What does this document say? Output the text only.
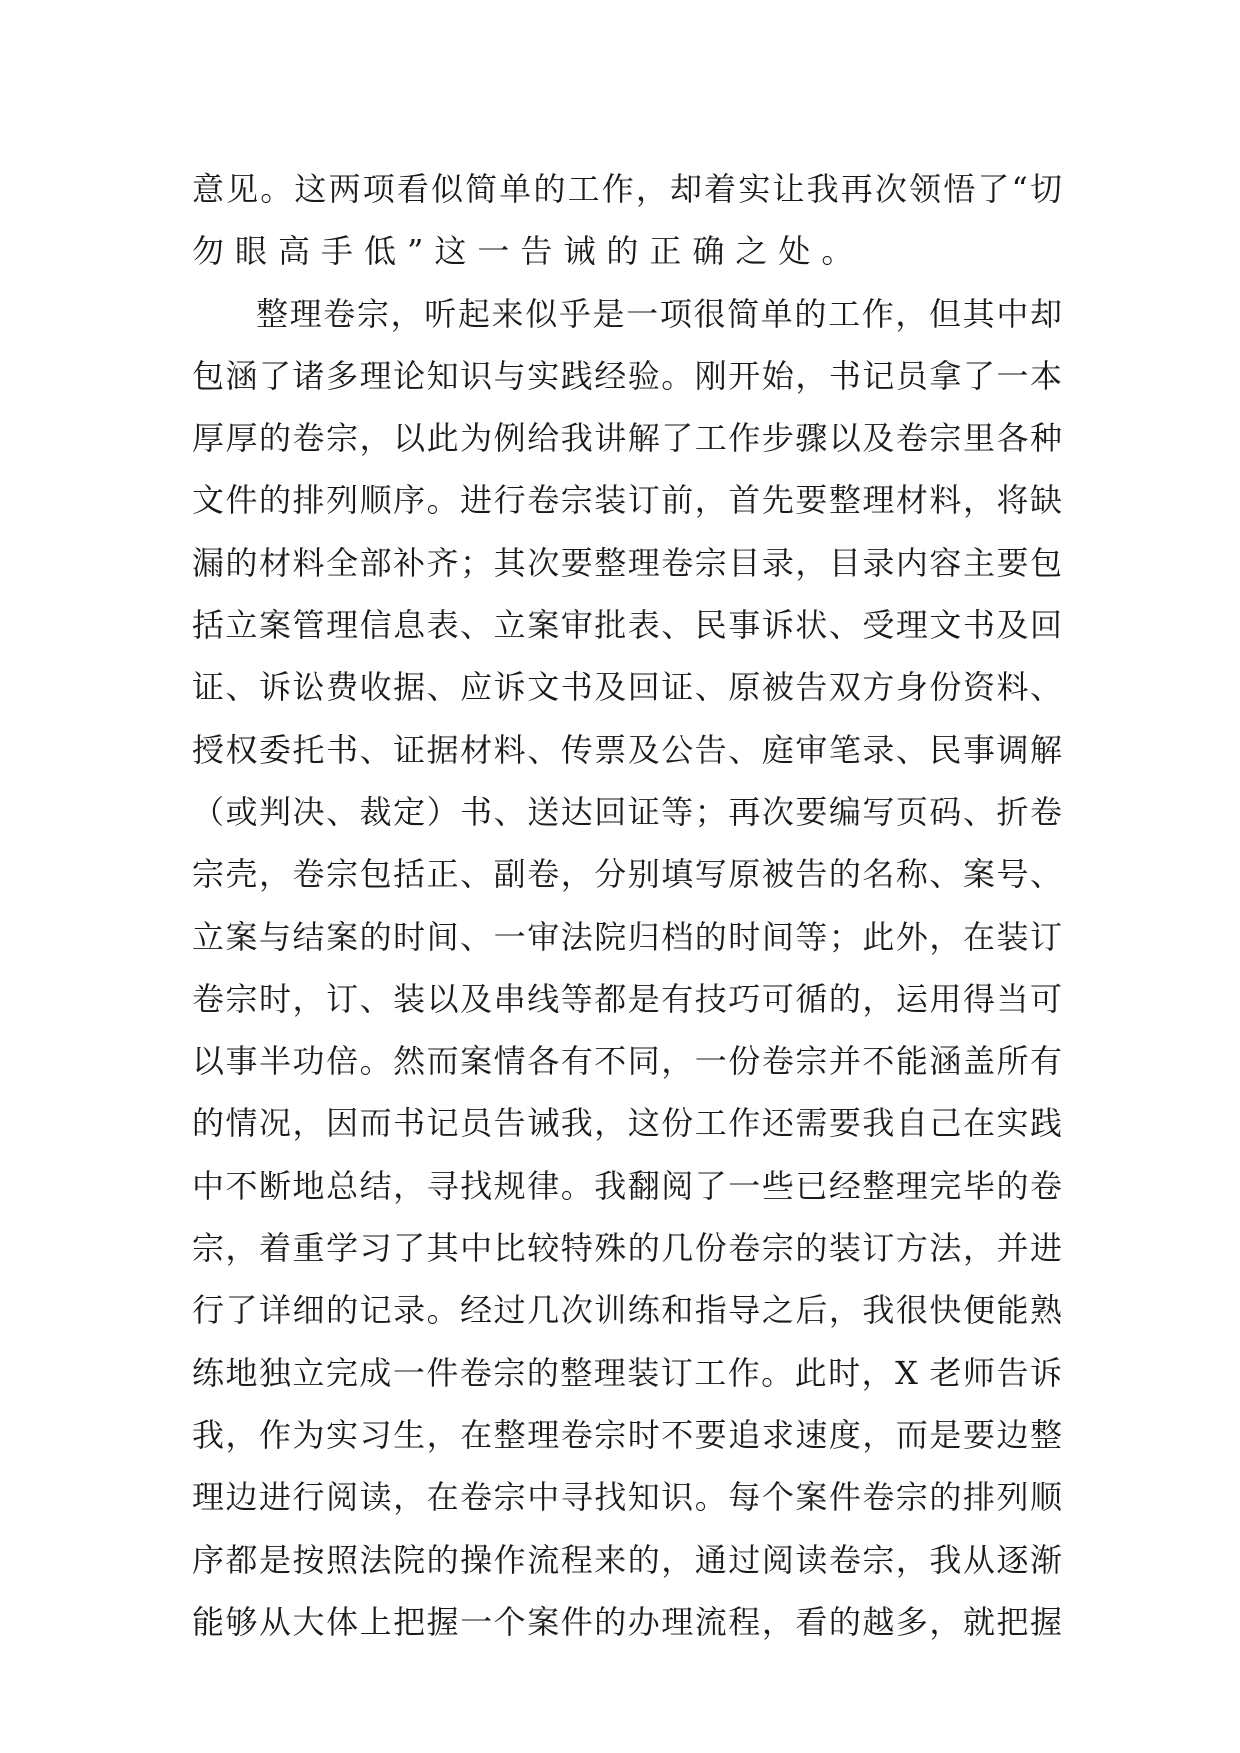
意见。这两项看似简单的工作，却着实让我再次领悟了“切
勿眼高手低”这一告诫的正确之处。
整理卷宗，听起来似乎是一项很简单的工作，但其中却
包涵了诸多理论知识与实践经验。刚开始，书记员拿了一本
厚厚的卷宗，以此为例给我讲解了工作步骤以及卷宗里各种
文件的排列顺序。进行卷宗装订前，首先要整理材料，将缺
漏的材料全部补齐；其次要整理卷宗目录，目录内容主要包
括立案管理信息表、立案审批表、民事诉状、受理文书及回
证、诉讼费收据、应诉文书及回证、原被告双方身份资料、
授权委托书、证据材料、传票及公告、庭审笔录、民事调解
（或判决、裁定）书、送达回证等；再次要编写页码、折卷
宗壳，卷宗包括正、副卷，分别填写原被告的名称、案号、
立案与结案的时间、一审法院归档的时间等；此外，在装订
卷宗时，订、装以及串线等都是有技巧可循的，运用得当可
以事半功倍。然而案情各有不同，一份卷宗并不能涵盖所有
的情况，因而书记员告诫我，这份工作还需要我自己在实践
中不断地总结，寻找规律。我翻阅了一些已经整理完毕的卷
宗，着重学习了其中比较特殊的几份卷宗的装订方法，并进
行了详细的记录。经过几次训练和指导之后，我很快便能熟
练地独立完成一件卷宗的整理装订工作。此时，X 老师告诉
我，作为实习生，在整理卷宗时不要追求速度，而是要边整
理边进行阅读，在卷宗中寻找知识。每个案件卷宗的排列顺
序都是按照法院的操作流程来的，通过阅读卷宗，我从逐渐
能够从大体上把握一个案件的办理流程，看的越多，就把握
